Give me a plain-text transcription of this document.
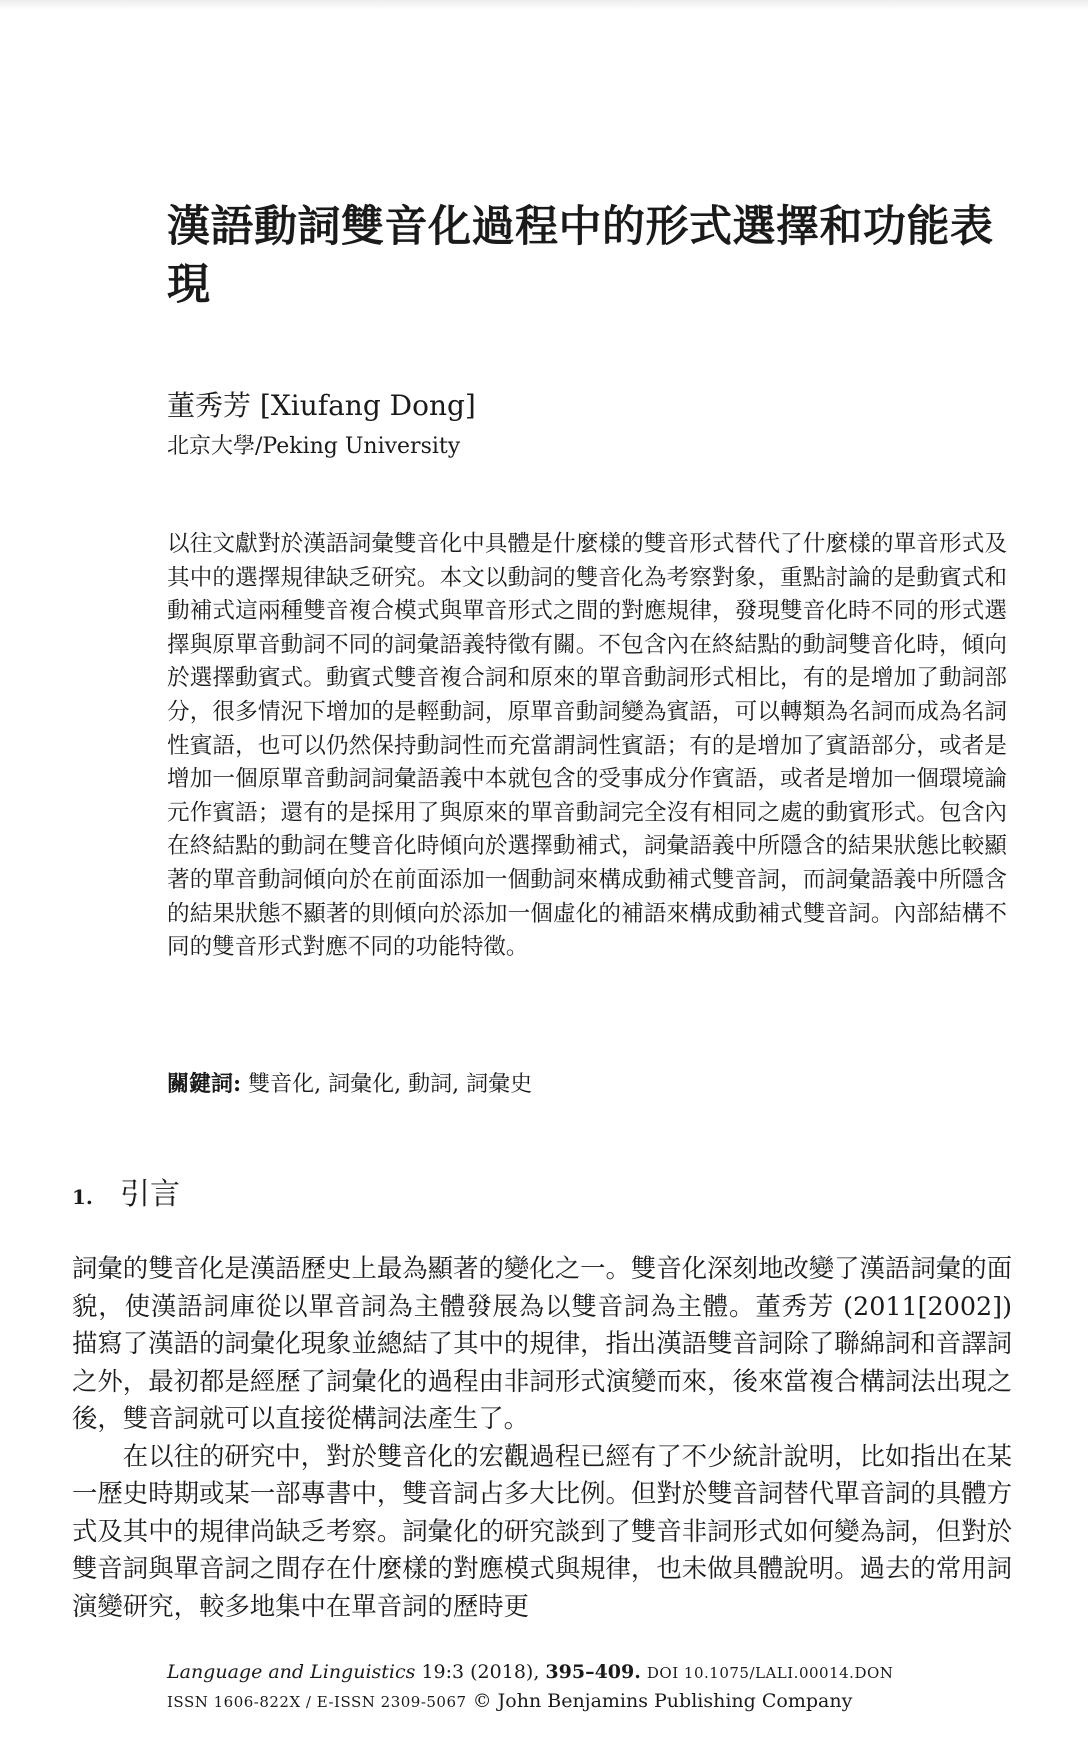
漢語動詞雙音化過程中的形式選擇和功能表現

董秀芳 [Xiufang Dong]

北京大學/Peking University

以往文獻對於漢語詞彙雙音化中具體是什麼樣的雙音形式替代了什麼樣的單音形式及其中的選擇規律缺乏研究。本文以動詞的雙音化為考察對象，重點討論的是動賓式和動補式這兩種雙音複合模式與單音形式之間的對應規律，發現雙音化時不同的形式選擇與原單音動詞不同的詞彙語義特徵有關。不包含內在終結點的動詞雙音化時，傾向於選擇動賓式。動賓式雙音複合詞和原來的單音動詞形式相比，有的是增加了動詞部分，很多情況下增加的是輕動詞，原單音動詞變為賓語，可以轉類為名詞而成為名詞性賓語，也可以仍然保持動詞性而充當謂詞性賓語；有的是增加了賓語部分，或者是增加一個原單音動詞詞彙語義中本就包含的受事成分作賓語，或者是增加一個環境論元作賓語；還有的是採用了與原來的單音動詞完全沒有相同之處的動賓形式。包含內在終結點的動詞在雙音化時傾向於選擇動補式，詞彙語義中所隱含的結果狀態比較顯著的單音動詞傾向於在前面添加一個動詞來構成動補式雙音詞，而詞彙語義中所隱含的結果狀態不顯著的則傾向於添加一個虛化的補語來構成動補式雙音詞。內部結構不同的雙音形式對應不同的功能特徵。

關鍵詞: 雙音化, 詞彙化, 動詞, 詞彙史

1. 引言

詞彙的雙音化是漢語歷史上最為顯著的變化之一。雙音化深刻地改變了漢語詞彙的面貌，使漢語詞庫從以單音詞為主體發展為以雙音詞為主體。董秀芳 (2011[2002]) 描寫了漢語的詞彙化現象並總結了其中的規律，指出漢語雙音詞除了聯綿詞和音譯詞之外，最初都是經歷了詞彙化的過程由非詞形式演變而來，後來當複合構詞法出現之後，雙音詞就可以直接從構詞法產生了。

在以往的研究中，對於雙音化的宏觀過程已經有了不少統計說明，比如指出在某一歷史時期或某一部專書中，雙音詞占多大比例。但對於雙音詞替代單音詞的具體方式及其中的規律尚缺乏考察。詞彙化的研究談到了雙音非詞形式如何變為詞，但對於雙音詞與單音詞之間存在什麼樣的對應模式與規律，也未做具體說明。過去的常用詞演變研究，較多地集中在單音詞的歷時更

Language and Linguistics 19:3 (2018), 395–409. DOI 10.1075/LALI.00014.DON
ISSN 1606-822X / E-ISSN 2309-5067 © John Benjamins Publishing Company
